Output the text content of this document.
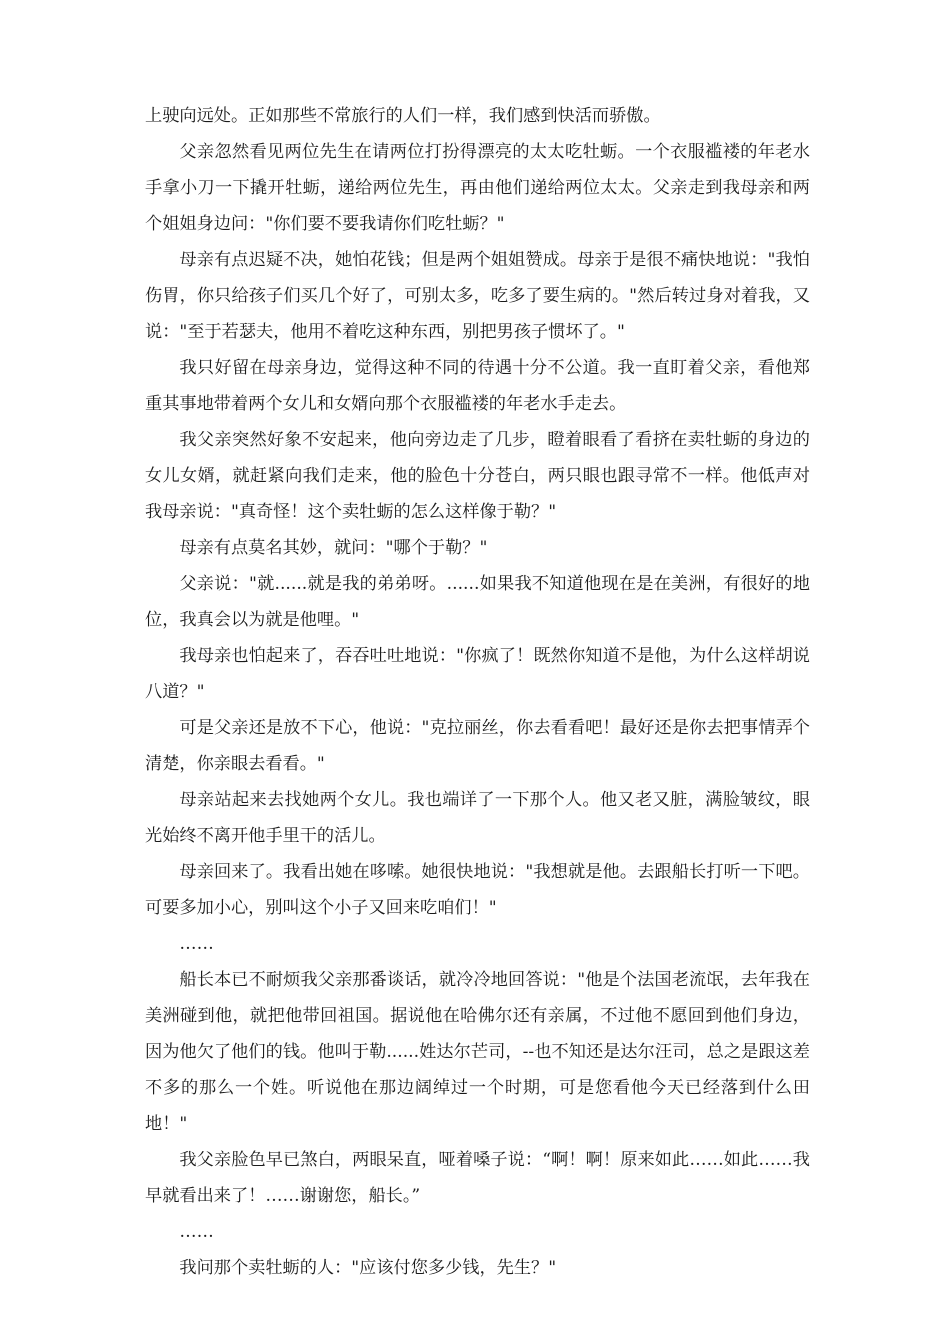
上驶向远处。正如那些不常旅行的人们一样，我们感到快活而骄傲。

父亲忽然看见两位先生在请两位打扮得漂亮的太太吃牡蛎。一个衣服褴褛的年老水手拿小刀一下撬开牡蛎，递给两位先生，再由他们递给两位太太。父亲走到我母亲和两个姐姐身边问："你们要不要我请你们吃牡蛎？"

母亲有点迟疑不决，她怕花钱；但是两个姐姐赞成。母亲于是很不痛快地说："我怕伤胃，你只给孩子们买几个好了，可别太多，吃多了要生病的。"然后转过身对着我，又说："至于若瑟夫，他用不着吃这种东西，别把男孩子惯坏了。"

我只好留在母亲身边，觉得这种不同的待遇十分不公道。我一直盯着父亲，看他郑重其事地带着两个女儿和女婿向那个衣服褴褛的年老水手走去。

我父亲突然好象不安起来，他向旁边走了几步，瞪着眼看了看挤在卖牡蛎的身边的女儿女婿，就赶紧向我们走来，他的脸色十分苍白，两只眼也跟寻常不一样。他低声对我母亲说："真奇怪！这个卖牡蛎的怎么这样像于勒？"

母亲有点莫名其妙，就问："哪个于勒？"

父亲说："就......就是我的弟弟呀。......如果我不知道他现在是在美洲，有很好的地位，我真会以为就是他哩。"

我母亲也怕起来了，吞吞吐吐地说："你疯了！既然你知道不是他，为什么这样胡说八道？"

可是父亲还是放不下心，他说："克拉丽丝，你去看看吧！最好还是你去把事情弄个清楚，你亲眼去看看。"

母亲站起来去找她两个女儿。我也端详了一下那个人。他又老又脏，满脸皱纹，眼光始终不离开他手里干的活儿。

母亲回来了。我看出她在哆嗦。她很快地说："我想就是他。去跟船长打听一下吧。可要多加小心，别叫这个小子又回来吃咱们！"

……

船长本已不耐烦我父亲那番谈话，就冷冷地回答说："他是个法国老流氓，去年我在美洲碰到他，就把他带回祖国。据说他在哈佛尔还有亲属，不过他不愿回到他们身边，因为他欠了他们的钱。他叫于勒......姓达尔芒司，--也不知还是达尔汪司，总之是跟这差不多的那么一个姓。听说他在那边阔绰过一个时期，可是您看他今天已经落到什么田地！"

我父亲脸色早已煞白，两眼呆直，哑着嗓子说：“啊！啊！原来如此……如此……我早就看出来了！……谢谢您，船长。”

……

我问那个卖牡蛎的人："应该付您多少钱，先生？"
